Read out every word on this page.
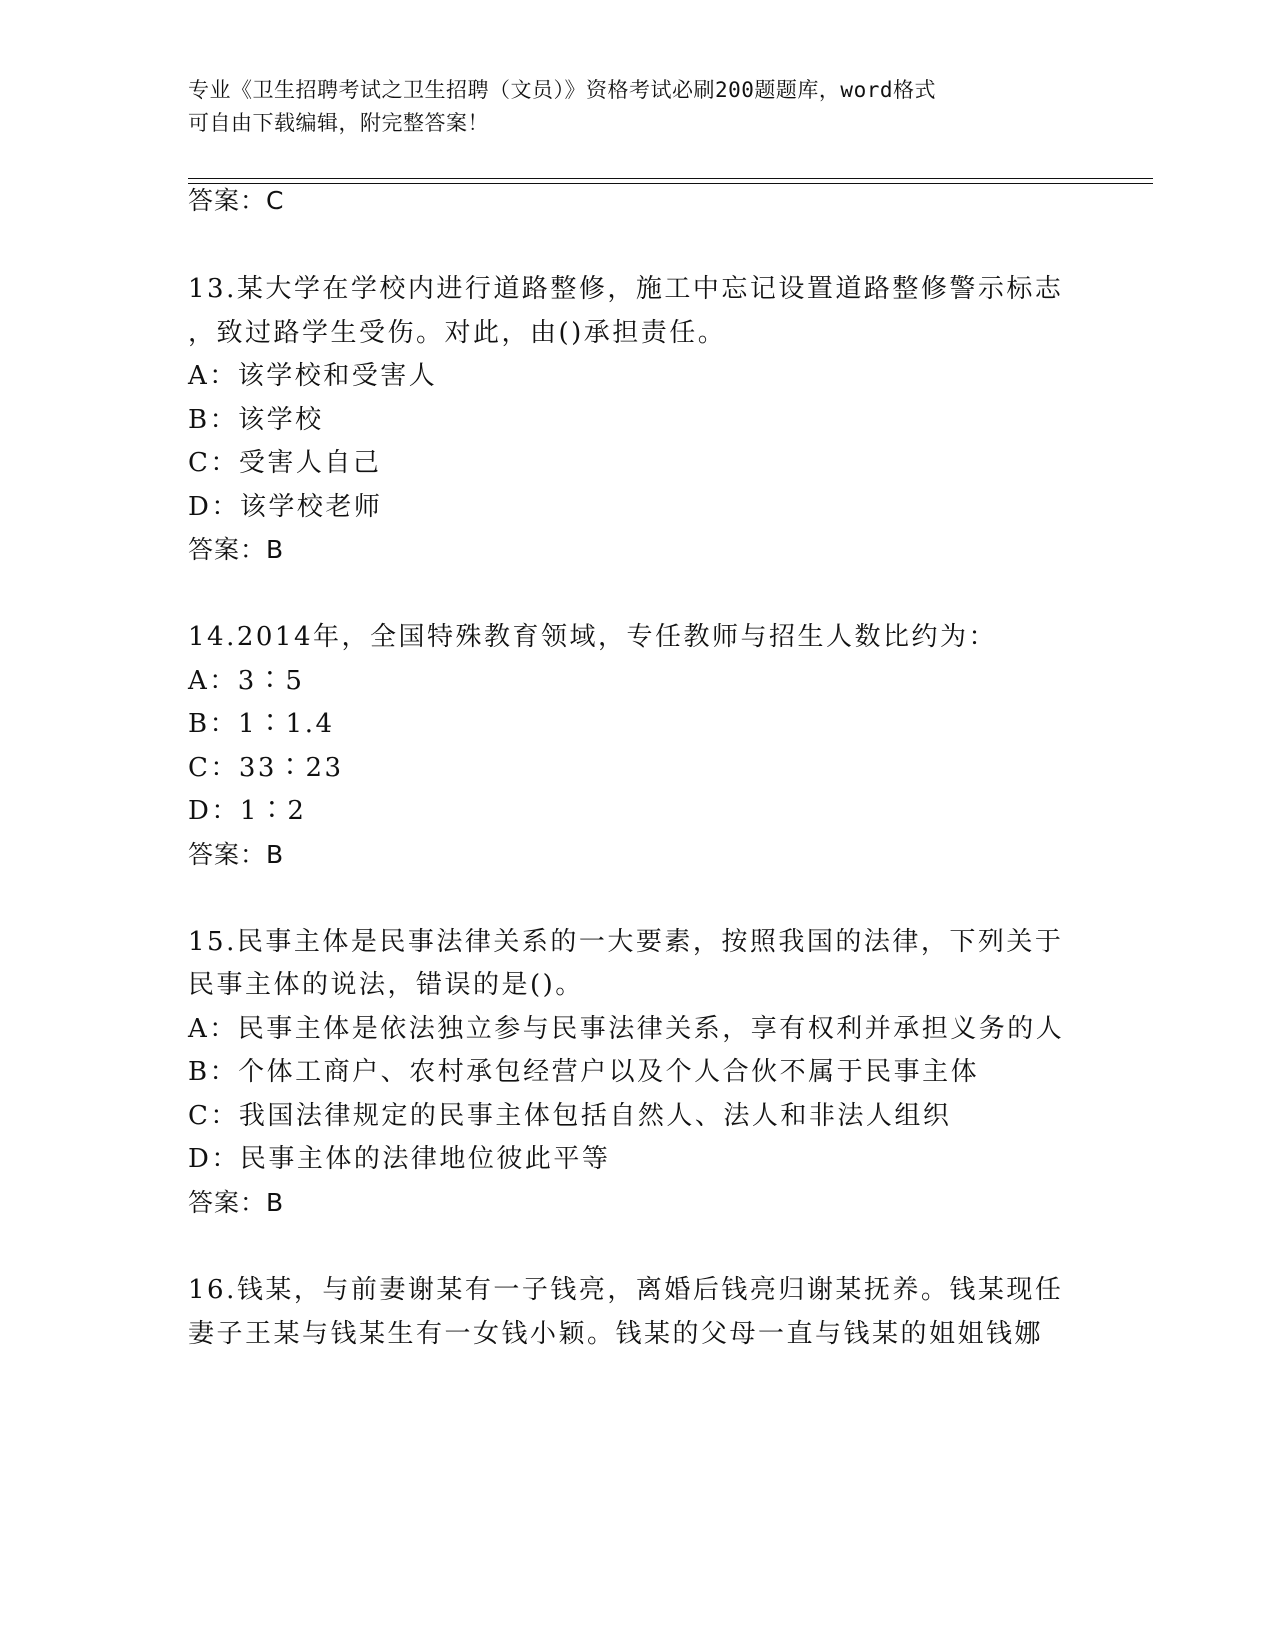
专业《卫生招聘考试之卫生招聘（文员）》资格考试必刷200题题库，word格式
可自由下载编辑，附完整答案！
答案：C
13.某大学在学校内进行道路整修，施工中忘记设置道路整修警示标志
，致过路学生受伤。对此，由()承担责任。
A：该学校和受害人
B：该学校
C：受害人自己
D：该学校老师
答案：B
14.2014年，全国特殊教育领域，专任教师与招生人数比约为：
A：3∶5
B：1∶1.4
C：33∶23
D：1∶2
答案：B
15.民事主体是民事法律关系的一大要素，按照我国的法律，下列关于
民事主体的说法，错误的是()。
A：民事主体是依法独立参与民事法律关系，享有权利并承担义务的人
B：个体工商户、农村承包经营户以及个人合伙不属于民事主体
C：我国法律规定的民事主体包括自然人、法人和非法人组织
D：民事主体的法律地位彼此平等
答案：B
16.钱某，与前妻谢某有一子钱亮，离婚后钱亮归谢某抚养。钱某现任
妻子王某与钱某生有一女钱小颖。钱某的父母一直与钱某的姐姐钱娜
